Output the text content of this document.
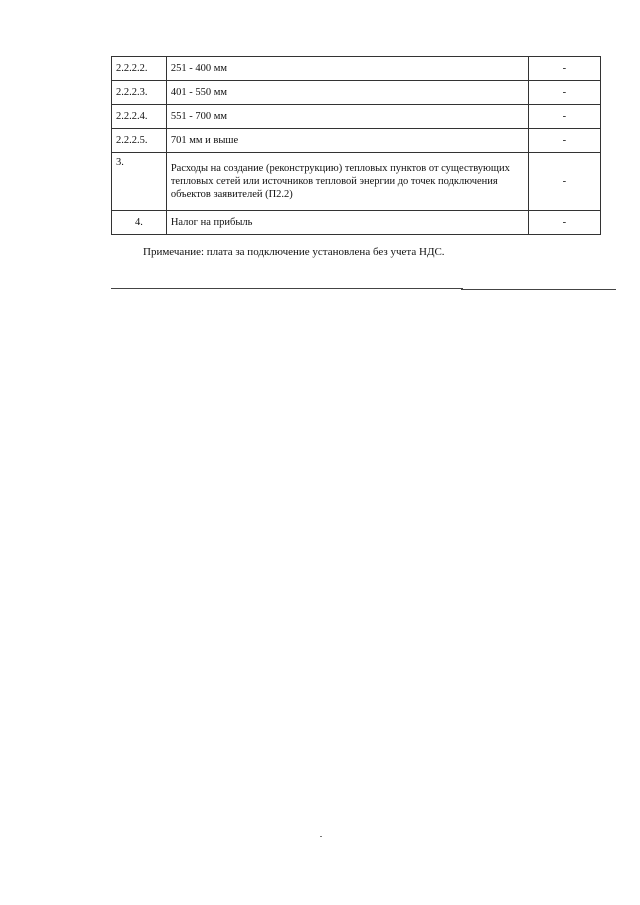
2.2.2.2.	251 - 400 мм	-
2.2.2.3.	401 - 550 мм	-
2.2.2.4.	551 - 700 мм	-
2.2.2.5.	701 мм и выше	-
3.	Расходы на создание (реконструкцию) тепловых пунктов от существующих тепловых сетей или источников тепловой энергии до точек подключения объектов заявителей (П2.2)	-
4.	Налог на прибыль	-
Примечание: плата за подключение установлена без учета НДС.
